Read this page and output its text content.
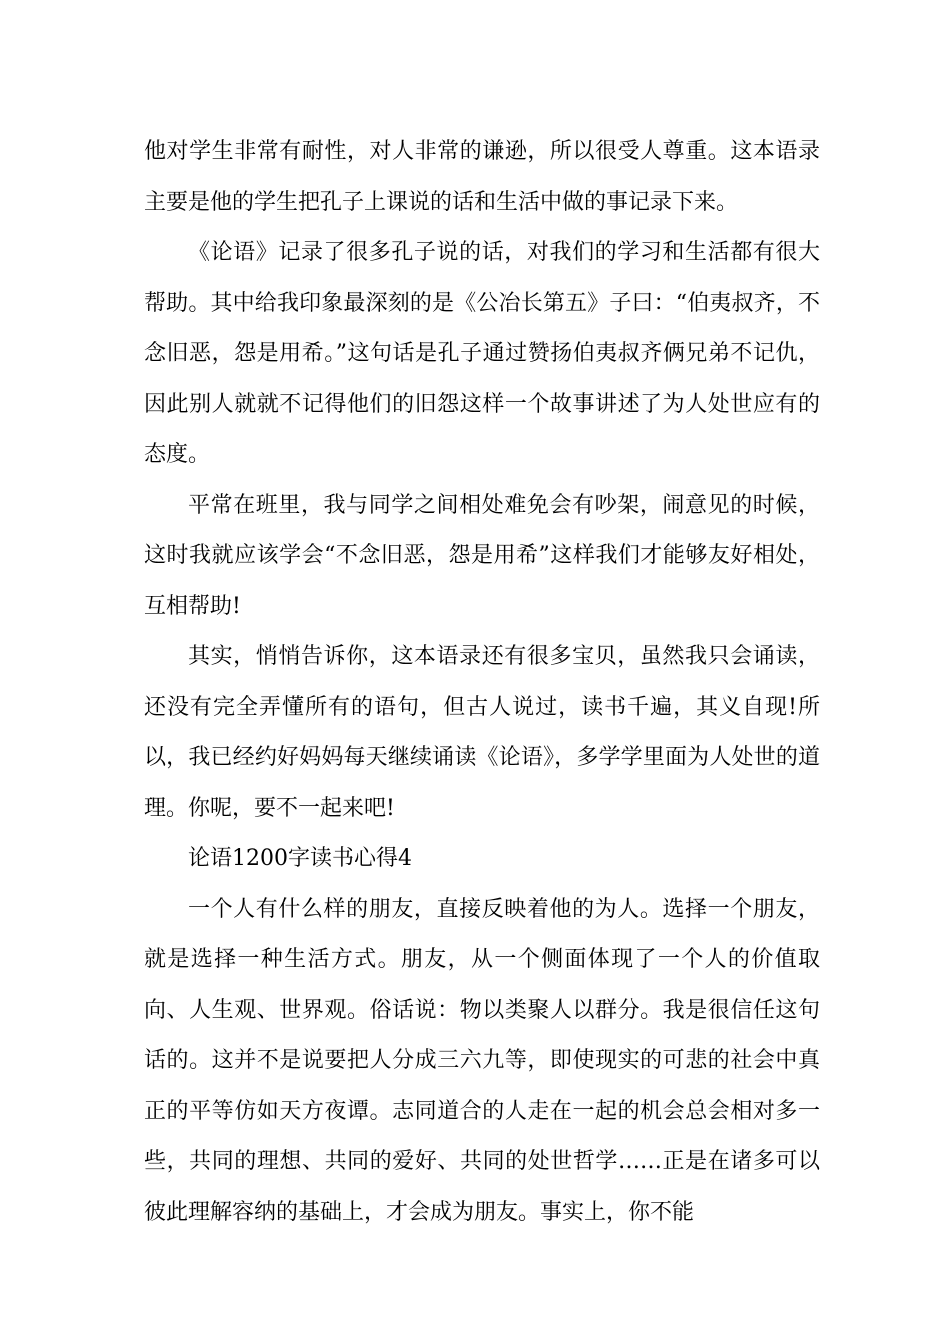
他对学生非常有耐性，对人非常的谦逊，所以很受人尊重。这本语录主要是他的学生把孔子上课说的话和生活中做的事记录下来。

《论语》记录了很多孔子说的话，对我们的学习和生活都有很大帮助。其中给我印象最深刻的是《公冶长第五》子曰：“伯夷叔齐，不念旧恶，怨是用希。”这句话是孔子通过赞扬伯夷叔齐俩兄弟不记仇，因此别人就就不记得他们的旧怨这样一个故事讲述了为人处世应有的态度。

平常在班里，我与同学之间相处难免会有吵架，闹意见的时候，这时我就应该学会“不念旧恶，怨是用希”这样我们才能够友好相处，互相帮助!

其实，悄悄告诉你，这本语录还有很多宝贝，虽然我只会诵读，还没有完全弄懂所有的语句，但古人说过，读书千遍，其义自现!所以，我已经约好妈妈每天继续诵读《论语》，多学学里面为人处世的道理。你呢，要不一起来吧!

论语1200字读书心得4

一个人有什么样的朋友，直接反映着他的为人。选择一个朋友，就是选择一种生活方式。朋友，从一个侧面体现了一个人的价值取向、人生观、世界观。俗话说：物以类聚人以群分。我是很信任这句话的。这并不是说要把人分成三六九等，即使现实的可悲的社会中真正的平等仿如天方夜谭。志同道合的人走在一起的机会总会相对多一些，共同的理想、共同的爱好、共同的处世哲学……正是在诸多可以彼此理解容纳的基础上，才会成为朋友。事实上，你不能
